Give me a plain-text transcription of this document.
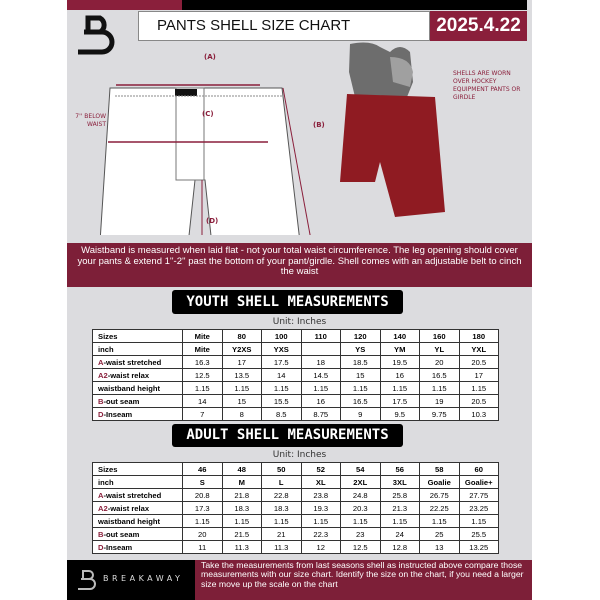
PANTS SHELL SIZE CHART	2025.4.22
(A)
(C)
(B)
(D)
7'' BELOW WAIST
SHELLS ARE WORN OVER HOCKEY EQUIPMENT PANTS OR GIRDLE
Waistband is measured when laid flat - not your total waist circumference. The leg opening should cover your pants & extend 1''-2'' past the bottom of your pant/girdle. Shell comes with an adjustable belt to cinch the waist
YOUTH SHELL MEASUREMENTS
Unit: Inches
Sizes	Mite	80	100	110	120	140	160	180
inch	Mite	Y2XS	YXS		YS	YM	YL	YXL
A-waist stretched	16.3	17	17.5	18	18.5	19.5	20	20.5
A2-waist relax	12.5	13.5	14	14.5	15	16	16.5	17
waistband height	1.15	1.15	1.15	1.15	1.15	1.15	1.15	1.15
B-out seam	14	15	15.5	16	16.5	17.5	19	20.5
D-Inseam	7	8	8.5	8.75	9	9.5	9.75	10.3
ADULT SHELL MEASUREMENTS
Unit: Inches
Sizes	46	48	50	52	54	56	58	60
inch	S	M	L	XL	2XL	3XL	Goalie	Goalie+
A-waist stretched	20.8	21.8	22.8	23.8	24.8	25.8	26.75	27.75
A2-waist relax	17.3	18.3	18.3	19.3	20.3	21.3	22.25	23.25
waistband height	1.15	1.15	1.15	1.15	1.15	1.15	1.15	1.15
B-out seam	20	21.5	21	22.3	23	24	25	25.5
D-Inseam	11	11.3	11.3	12	12.5	12.8	13	13.25
BREAKAWAY
Take the measurements from last seasons shell as instructed above compare those measurements with our size chart. Identify the size on the chart, if you need a larger size move up the scale on the chart
